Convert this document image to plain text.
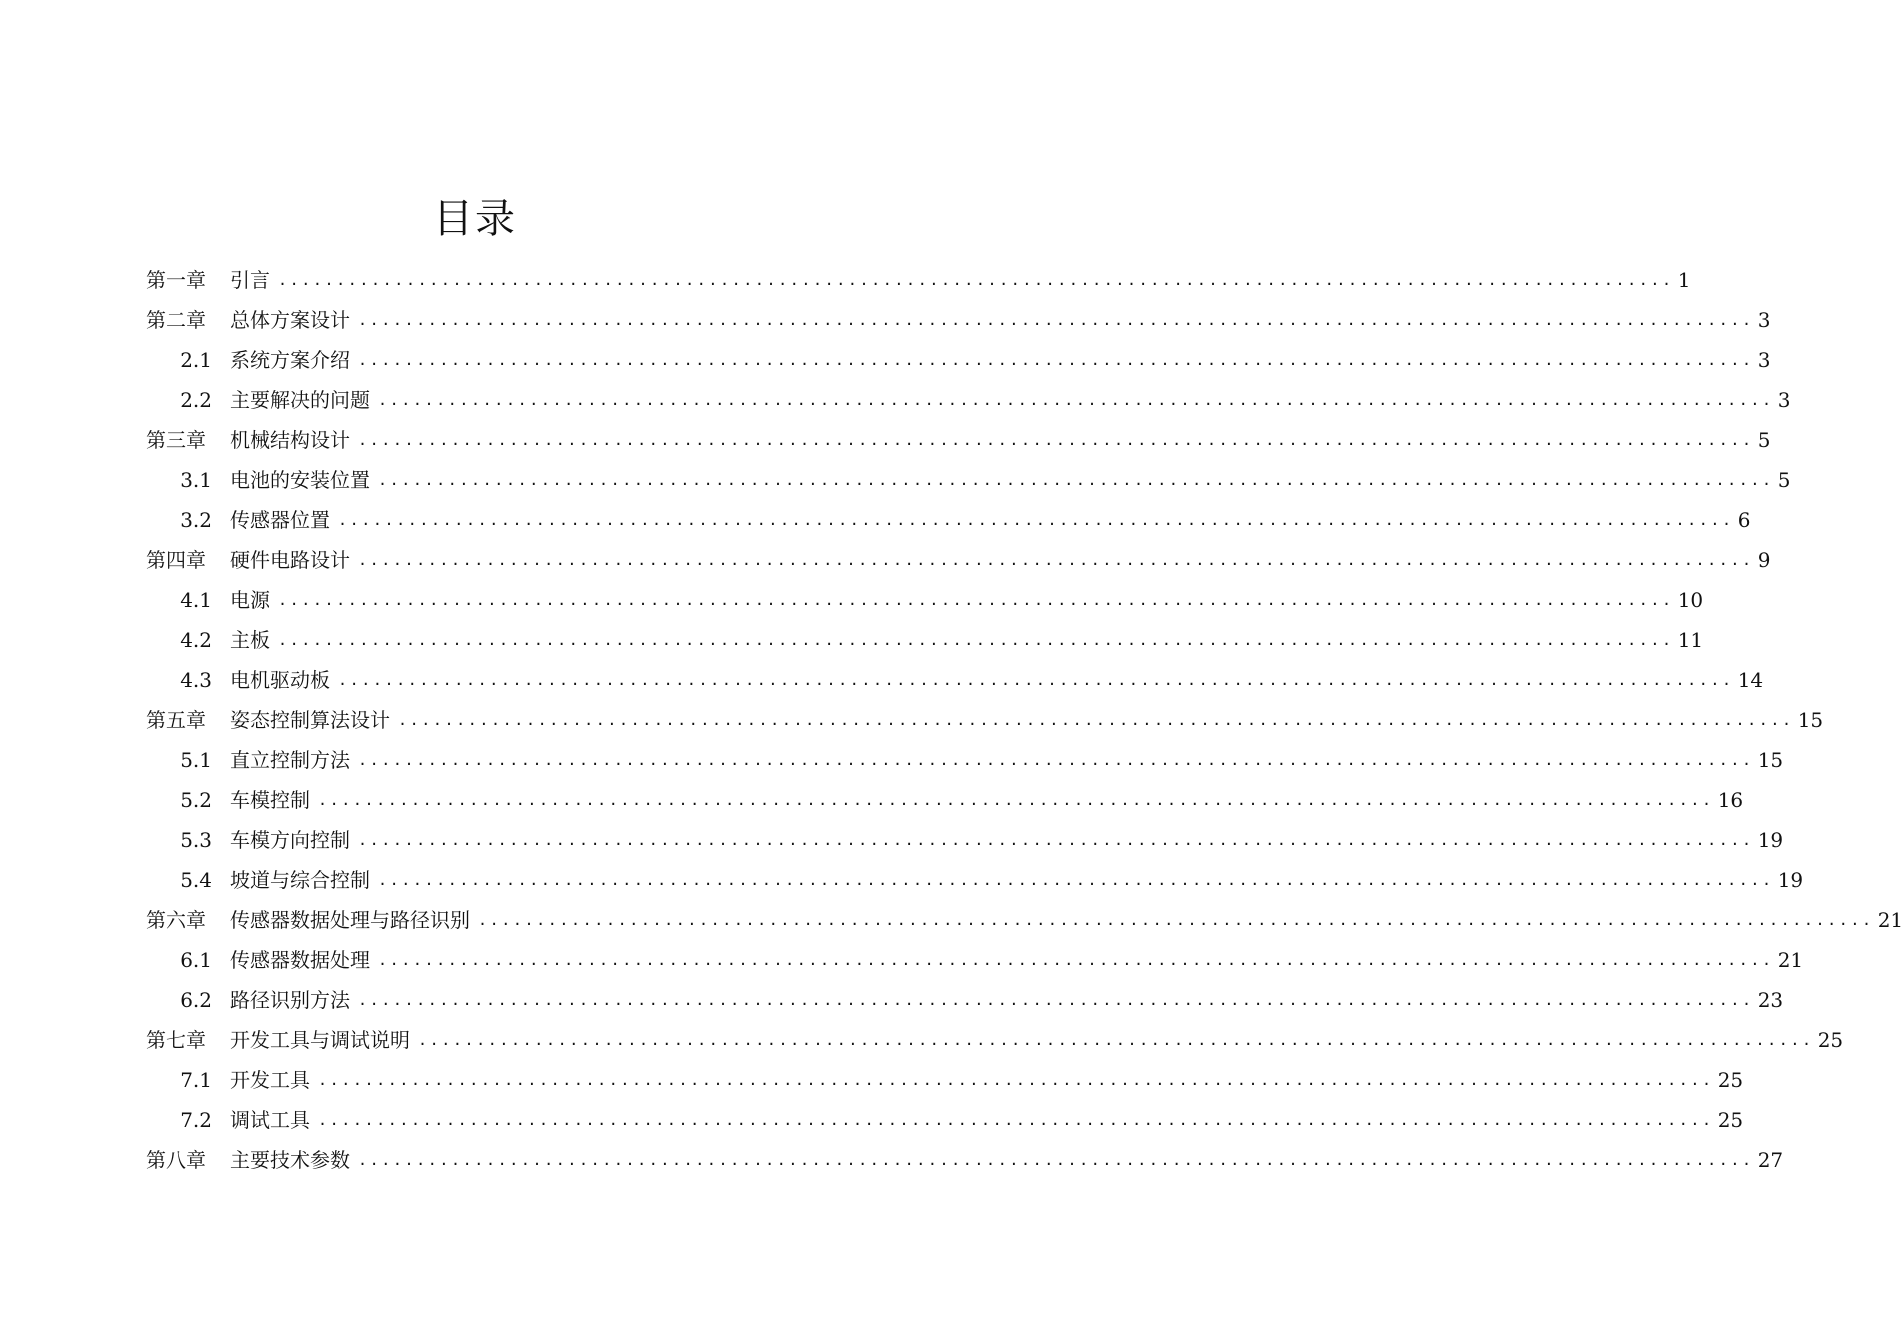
目录
第一章	引言 ........................................................................................................................ 1
第二章	总体方案设计 ........................................................................................................................ 3
2.1 系统方案介绍 ........................................................................................................................ 3
2.2 主要解决的问题 ........................................................................................................................ 3
第三章	机械结构设计 ........................................................................................................................ 5
3.1 电池的安装位置 ........................................................................................................................ 5
3.2 传感器位置 ........................................................................................................................ 6
第四章	硬件电路设计 ........................................................................................................................ 9
4.1 电源 ........................................................................................................................ 10
4.2 主板 ........................................................................................................................ 11
4.3 电机驱动板 ........................................................................................................................ 14
第五章	姿态控制算法设计 ........................................................................................................................ 15
5.1 直立控制方法 ........................................................................................................................ 15
5.2 车模控制 ........................................................................................................................ 16
5.3 车模方向控制 ........................................................................................................................ 19
5.4 坡道与综合控制 ........................................................................................................................ 19
第六章	传感器数据处理与路径识别 ........................................................................................................................ 21
6.1 传感器数据处理 ........................................................................................................................ 21
6.2 路径识别方法 ........................................................................................................................ 23
第七章	开发工具与调试说明 ........................................................................................................................ 25
7.1 开发工具 ........................................................................................................................ 25
7.2 调试工具 ........................................................................................................................ 25
第八章	主要技术参数 ........................................................................................................................ 27
